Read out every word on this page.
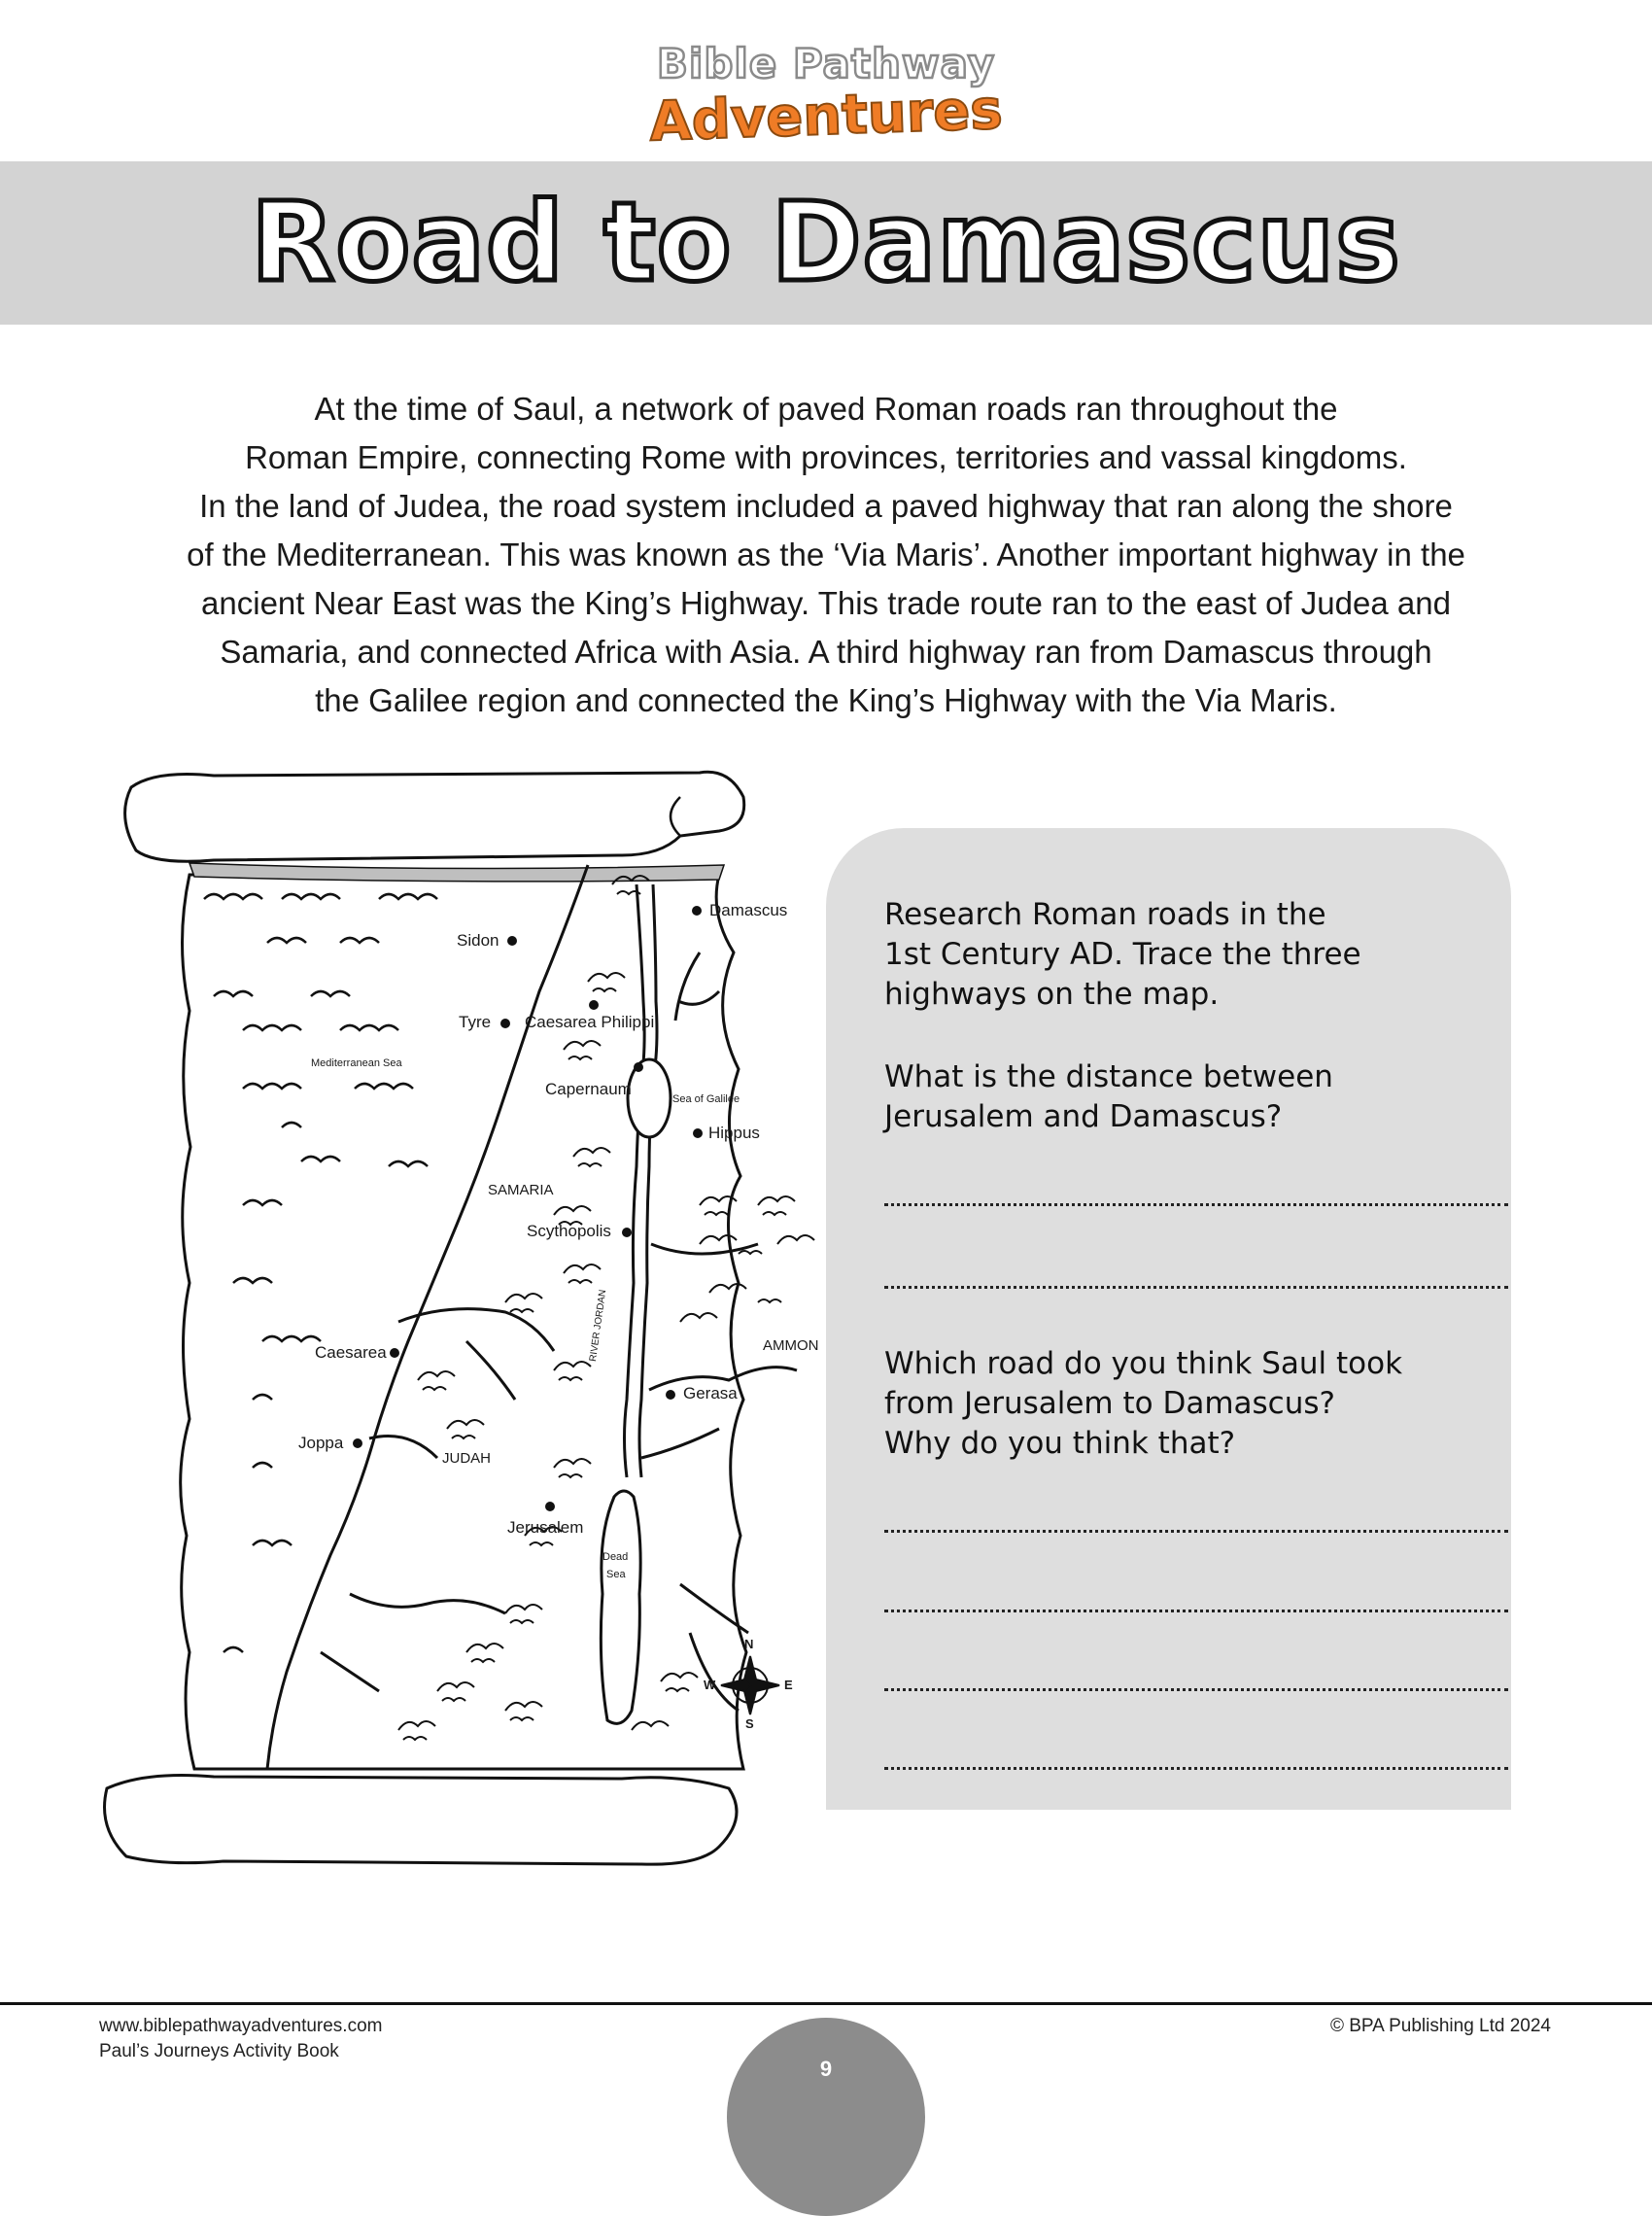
Bible Pathway
Adventures
Road to Damascus

At the time of Saul, a network of paved Roman roads ran throughout the
Roman Empire, connecting Rome with provinces, territories and vassal kingdoms.
In the land of Judea, the road system included a paved highway that ran along the shore
of the Mediterranean. This was known as the ‘Via Maris’. Another important highway in the
ancient Near East was the King’s Highway. This trade route ran to the east of Judea and
Samaria, and connected Africa with Asia. A third highway ran from Damascus through
the Galilee region and connected the King’s Highway with the Via Maris.

Damascus
Sidon
Caesarea Philippi
Tyre
Mediterranean Sea
Capernaum
Sea of Galilee
Hippus
SAMARIA
Scythopolis
AMMON
Caesarea	RIVER JORDAN
Gerasa
Joppa
JUDAH
Jerusalem
Dead
Sea
N
S
W	E

Research Roman roads in the
1st Century AD. Trace the three
highways on the map.

What is the distance between
Jerusalem and Damascus?

Which road do you think Saul took
from Jerusalem to Damascus?
Why do you think that?

www.biblepathwayadventures.com
Paul’s Journeys Activity Book
© BPA Publishing Ltd 2024
9
